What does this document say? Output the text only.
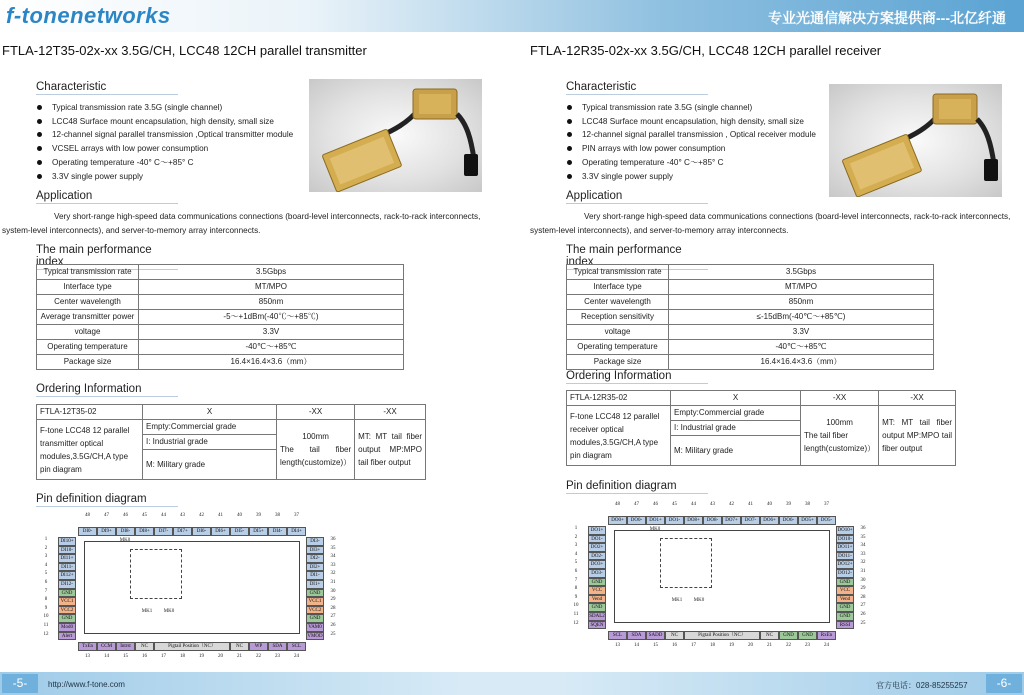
f-tonenetworks	专业光通信解决方案提供商---北亿纤通
FTLA-12T35-02x-xx 3.5G/CH, LCC48 12CH parallel transmitter
Characteristic
Typical transmission rate 3.5G (single channel)
LCC48 Surface mount encapsulation, high density, small size
12-channel signal parallel transmission ,Optical transmitter module
VCSEL arrays with low power consumption
Operating temperature -40° C～+85° C
3.3V single power supply
Application
Very short-range high-speed data communications connections (board-level interconnects, rack-to-rack interconnects, system-level interconnects), and server-to-memory array interconnects.
The main performance index
Typical transmission rate	3.5Gbps
Interface type	MT/MPO
Center wavelength	850nm
Average transmitter power	-5～+1dBm(-40℃～+85℃)
voltage	3.3V
Operating temperature	-40℃～+85℃
Package size	16.4×16.4×3.6（mm）
Ordering Information
FTLA-12T35-02	X	-XX	-XX
F-tone LCC48 12 parallel transmitter optical modules,3.5G/CH,A type pin diagram	Empty:Commercial grade	100mm
The tail fiber length(customize)）	MT: MT tail fiber output MP:MPO tail fiber output
	I: Industrial grade		
	M: Military grade		
Pin definition diagram
48
DI0-
47
DI9+
46
DI8-
45
DI8+
44
DI7-
43
DI7+
42
DI6-
41
DI6+
40
DI5-
39
DI5+
38
DI4-
37
DI4+
1	DI10+
2	DI10-
3	DI11+
4	DI11-
5	DI12+
6	DI12-
7	GND
8	VCC1
9	VCC2
10	GND
11	Mod0
12	Alert
DI3-	36
DI3+	35
DI2-	34
DI2+	33
DI1-	32
DI1+	31
GND	30
VCC1	29
VCC2	28
GND	27
VAM0	26
VMOD	25
TxEn	CCM	Intrst	NC	Pigtail Position（NC）	NC	WP	SDA	SCL
13	14	15	16	17	18	19	20	21	22	23	24
MK0
MK1	MK0
FTLA-12R35-02x-xx 3.5G/CH, LCC48 12CH parallel receiver
Characteristic
Typical transmission rate 3.5G (single channel)
LCC48 Surface mount encapsulation, high density, small size
12-channel signal parallel transmission , Optical receiver module
PIN arrays with low power consumption
Operating temperature -40° C～+85° C
3.3V single power supply
Application
Very short-range high-speed data communications connections (board-level interconnects, rack-to-rack interconnects, system-level interconnects), and server-to-memory array interconnects.
The main performance index
Typical transmission rate	3.5Gbps
Interface type	MT/MPO
Center wavelength	850nm
Reception sensitivity	≤-15dBm(-40℃～+85℃)
voltage	3.3V
Operating temperature	-40℃～+85℃
Package size	16.4×16.4×3.6（mm）
Ordering Information
FTLA-12R35-02	X	-XX	-XX
F-tone LCC48 12 parallel receiver optical modules,3.5G/CH,A type pin diagram	Empty:Commercial grade	100mm
The tail fiber length(customize)）	MT: MT tail fiber output MP:MPO tail fiber output
	I: Industrial grade		
	M: Military grade		
Pin definition diagram
48
DO0+
47
DO0-
46
DO1+
45
DO1-
44
DO8+
43
DO8-
42
DO7+
41
DO7-
40
DO6+
39
DO6-
38
DO5+
37
DO5-
1	DO1+
2	DO1-
3	DO2+
4	DO2-
5	DO3+
6	DO3-
7	GND
8	VCC
9	Vend
10	GND
11	SDAL2
12	SQEN
DO10+	36
DO10-	35
DO11+	34
DO11-	33
DO12+	32
DO12-	31
GND	30
VCC	29
Vend	28
GND	27
GND	26
RSSI	25
SCL	SDA	SADD	NC	Pigtail Position（NC）	NC	GND	GND	RxEn
13	14	15	16	17	18	19	20	21	22	23	24
MK0
MK1	MK0
-5-	-6-
http://www.f-tone.com	官方电话：028-85255257
